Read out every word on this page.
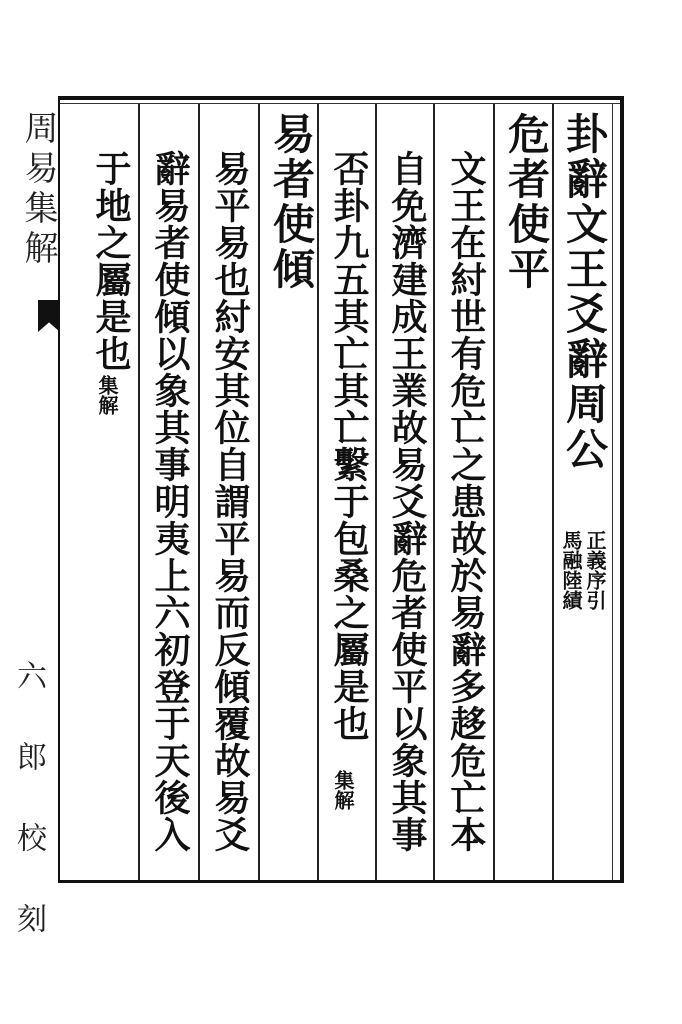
卦辭文王爻辭周公
正義序引
馬融陸績
危者使平
文王在紂世有危亡之患故於易辭多趍危亡本
自免濟建成王業故易爻辭危者使平以象其事
否卦九五其亡其亡繫于包桑之屬是也
集解
易者使傾
易平易也紂安其位自謂平易而反傾覆故易爻
辭易者使傾以象其事明夷上六初登于天後入
于地之屬是也
集解
周易集解
六 郎 校 刻
